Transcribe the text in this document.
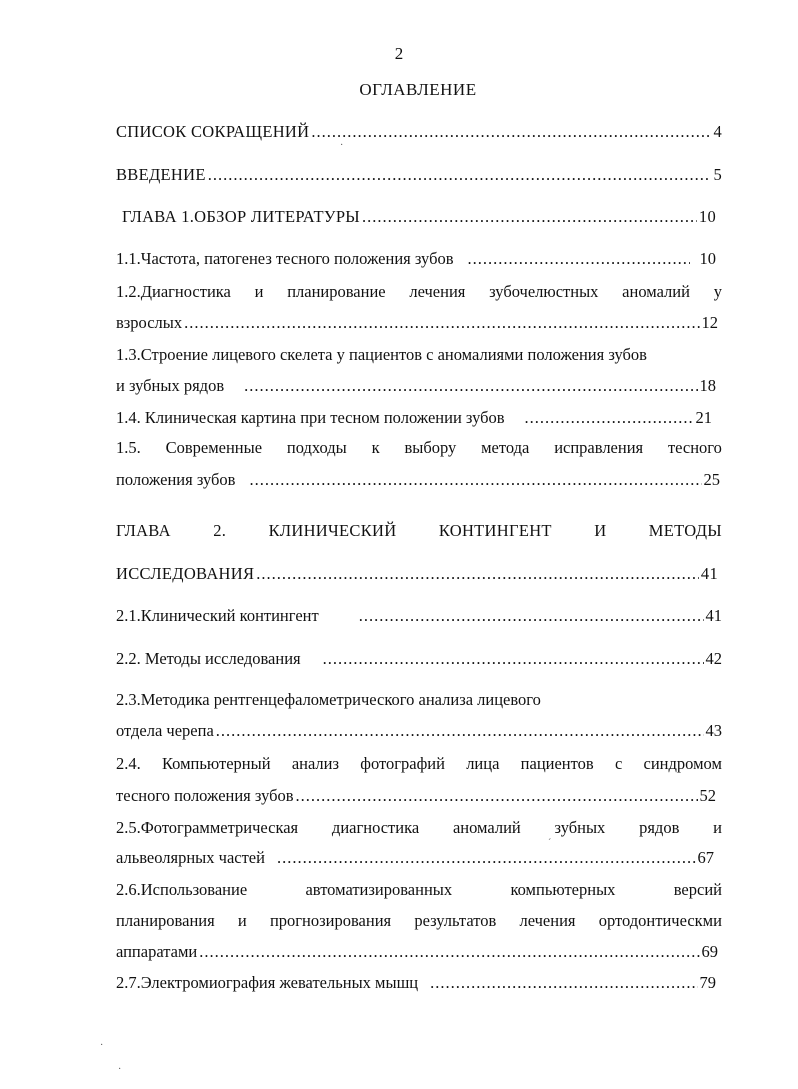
2
ОГЛАВЛЕНИЕ
СПИСОК СОКРАЩЕНИЙ .....	4
ВВЕДЕНИЕ .....	5
ГЛАВА 1.ОБЗОР ЛИТЕРАТУРЫ .....	10
1.1.Частота, патогенез тесного положения зубов .....	10
1.2.Диагностика и планирование лечения зубочелюстных аномалий у
взрослых .....	12
1.3.Строение лицевого скелета у пациентов с аномалиями положения зубов
и зубных рядов .....	18
1.4. Клиническая картина при тесном положении зубов .....	21
1.5. Современные подходы к выбору метода исправления тесного
положения зубов .....	25
ГЛАВА	2.	КЛИНИЧЕСКИЙ	КОНТИНГЕНТ	И	МЕТОДЫ
ИССЛЕДОВАНИЯ .....	41
2.1.Клинический контингент .....	41
2.2. Методы исследования .....	42
2.3.Методика рентгенцефалометрического анализа лицевого
отдела черепа .....	43
2.4. Компьютерный анализ фотографий лица пациентов с синдромом
тесного положения зубов .....	52
2.5.Фотограмметрическая диагностика аномалий зубных рядов и
альвеолярных частей .....	67
2.6.Использование	автоматизированных	компьютерных	версий
планирования и прогнозирования результатов лечения ортодонтическми
аппаратами .....	69
2.7.Электромиография жевательных мышц .....	79
·
´
·
·
